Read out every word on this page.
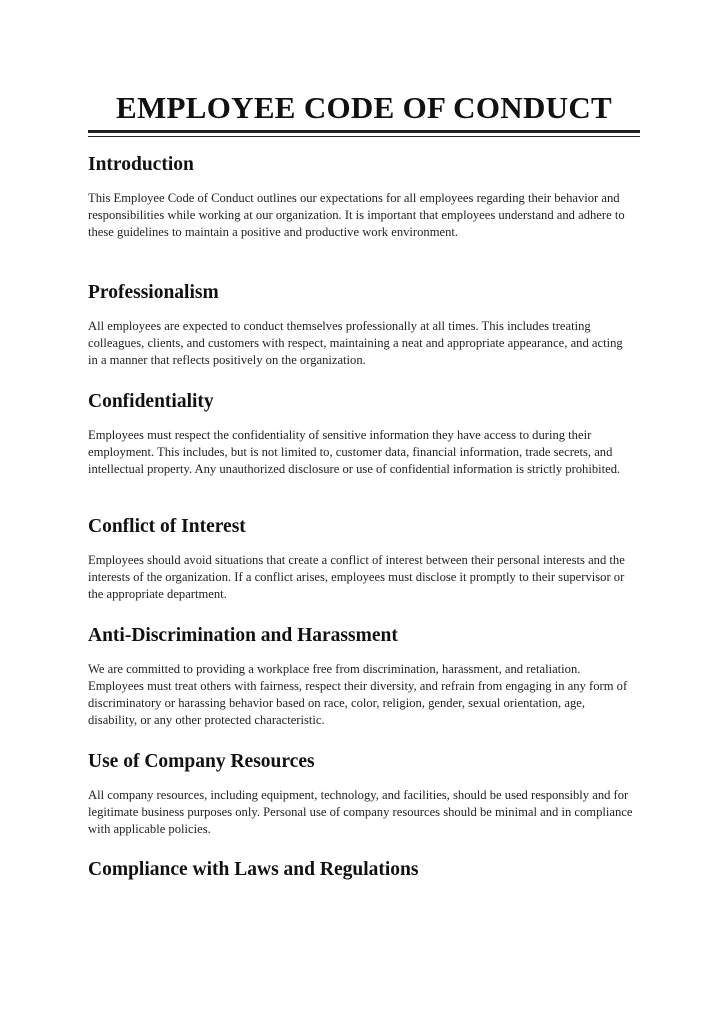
EMPLOYEE CODE OF CONDUCT
Introduction

This Employee Code of Conduct outlines our expectations for all employees regarding their behavior and responsibilities while working at our organization. It is important that employees understand and adhere to these guidelines to maintain a positive and productive work environment.

Professionalism

All employees are expected to conduct themselves professionally at all times. This includes treating colleagues, clients, and customers with respect, maintaining a neat and appropriate appearance, and acting in a manner that reflects positively on the organization.

Confidentiality

Employees must respect the confidentiality of sensitive information they have access to during their employment. This includes, but is not limited to, customer data, financial information, trade secrets, and intellectual property. Any unauthorized disclosure or use of confidential information is strictly prohibited.

Conflict of Interest

Employees should avoid situations that create a conflict of interest between their personal interests and the interests of the organization. If a conflict arises, employees must disclose it promptly to their supervisor or the appropriate department.

Anti-Discrimination and Harassment

We are committed to providing a workplace free from discrimination, harassment, and retaliation. Employees must treat others with fairness, respect their diversity, and refrain from engaging in any form of discriminatory or harassing behavior based on race, color, religion, gender, sexual orientation, age, disability, or any other protected characteristic.

Use of Company Resources

All company resources, including equipment, technology, and facilities, should be used responsibly and for legitimate business purposes only. Personal use of company resources should be minimal and in compliance with applicable policies.

Compliance with Laws and Regulations
